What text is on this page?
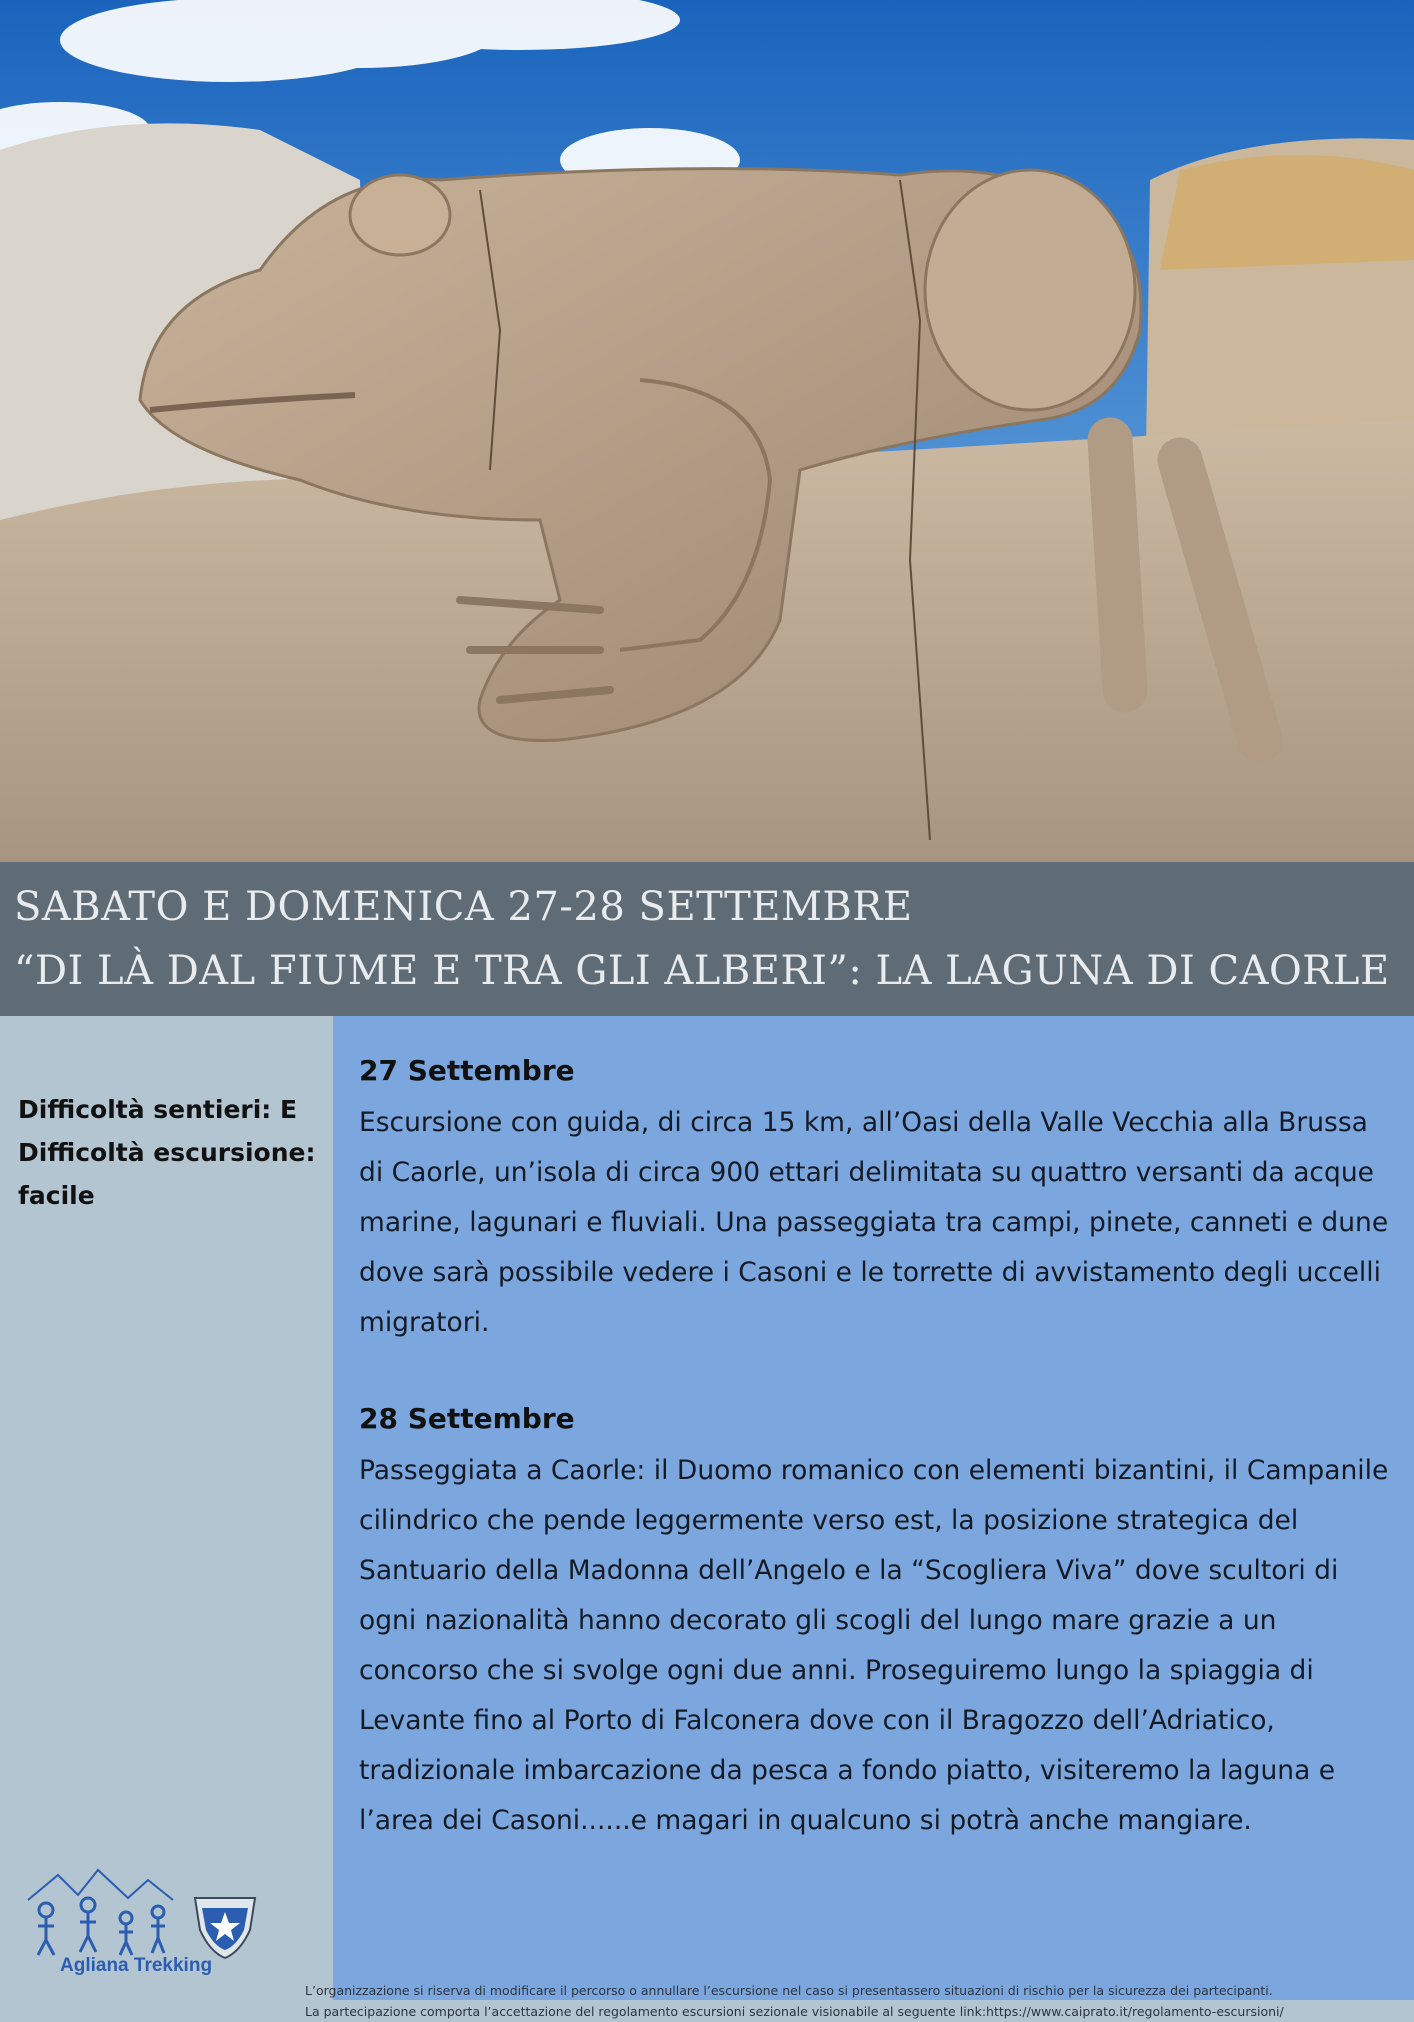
SABATO E DOMENICA 27-28 SETTEMBRE
“DI LÀ DAL FIUME E TRA GLI ALBERI”: LA LAGUNA DI CAORLE
Difficoltà sentieri: E
Difficoltà escursione:
facile
27 Settembre
Escursione con guida, di circa 15 km, all’Oasi della Valle Vecchia alla Brussa di Caorle, un’isola di circa 900 ettari delimitata su quattro versanti da acque marine, lagunari e fluviali. Una passeggiata tra campi, pinete, canneti e dune dove sarà possibile vedere i Casoni e le torrette di avvistamento degli uccelli migratori.
28 Settembre
Passeggiata a Caorle: il Duomo romanico con elementi bizantini, il Campanile cilindrico che pende leggermente verso est, la posizione strategica del Santuario della Madonna dell’Angelo e la “Scogliera Viva” dove scultori di ogni nazionalità hanno decorato gli scogli del lungo mare grazie a un concorso che si svolge ogni due anni. Proseguiremo lungo la spiaggia di Levante fino al Porto di Falconera dove con il Bragozzo dell’Adriatico, tradizionale imbarcazione da pesca a fondo piatto, visiteremo la laguna e l’area dei Casoni......e magari in qualcuno si potrà anche mangiare.
Agliana Trekking
L’organizzazione si riserva di modificare il percorso o annullare l’escursione nel caso si presentassero situazioni di rischio per la sicurezza dei partecipanti.
La partecipazione comporta l’accettazione del regolamento escursioni sezionale visionabile al seguente link:https://www.caiprato.it/regolamento-escursioni/
